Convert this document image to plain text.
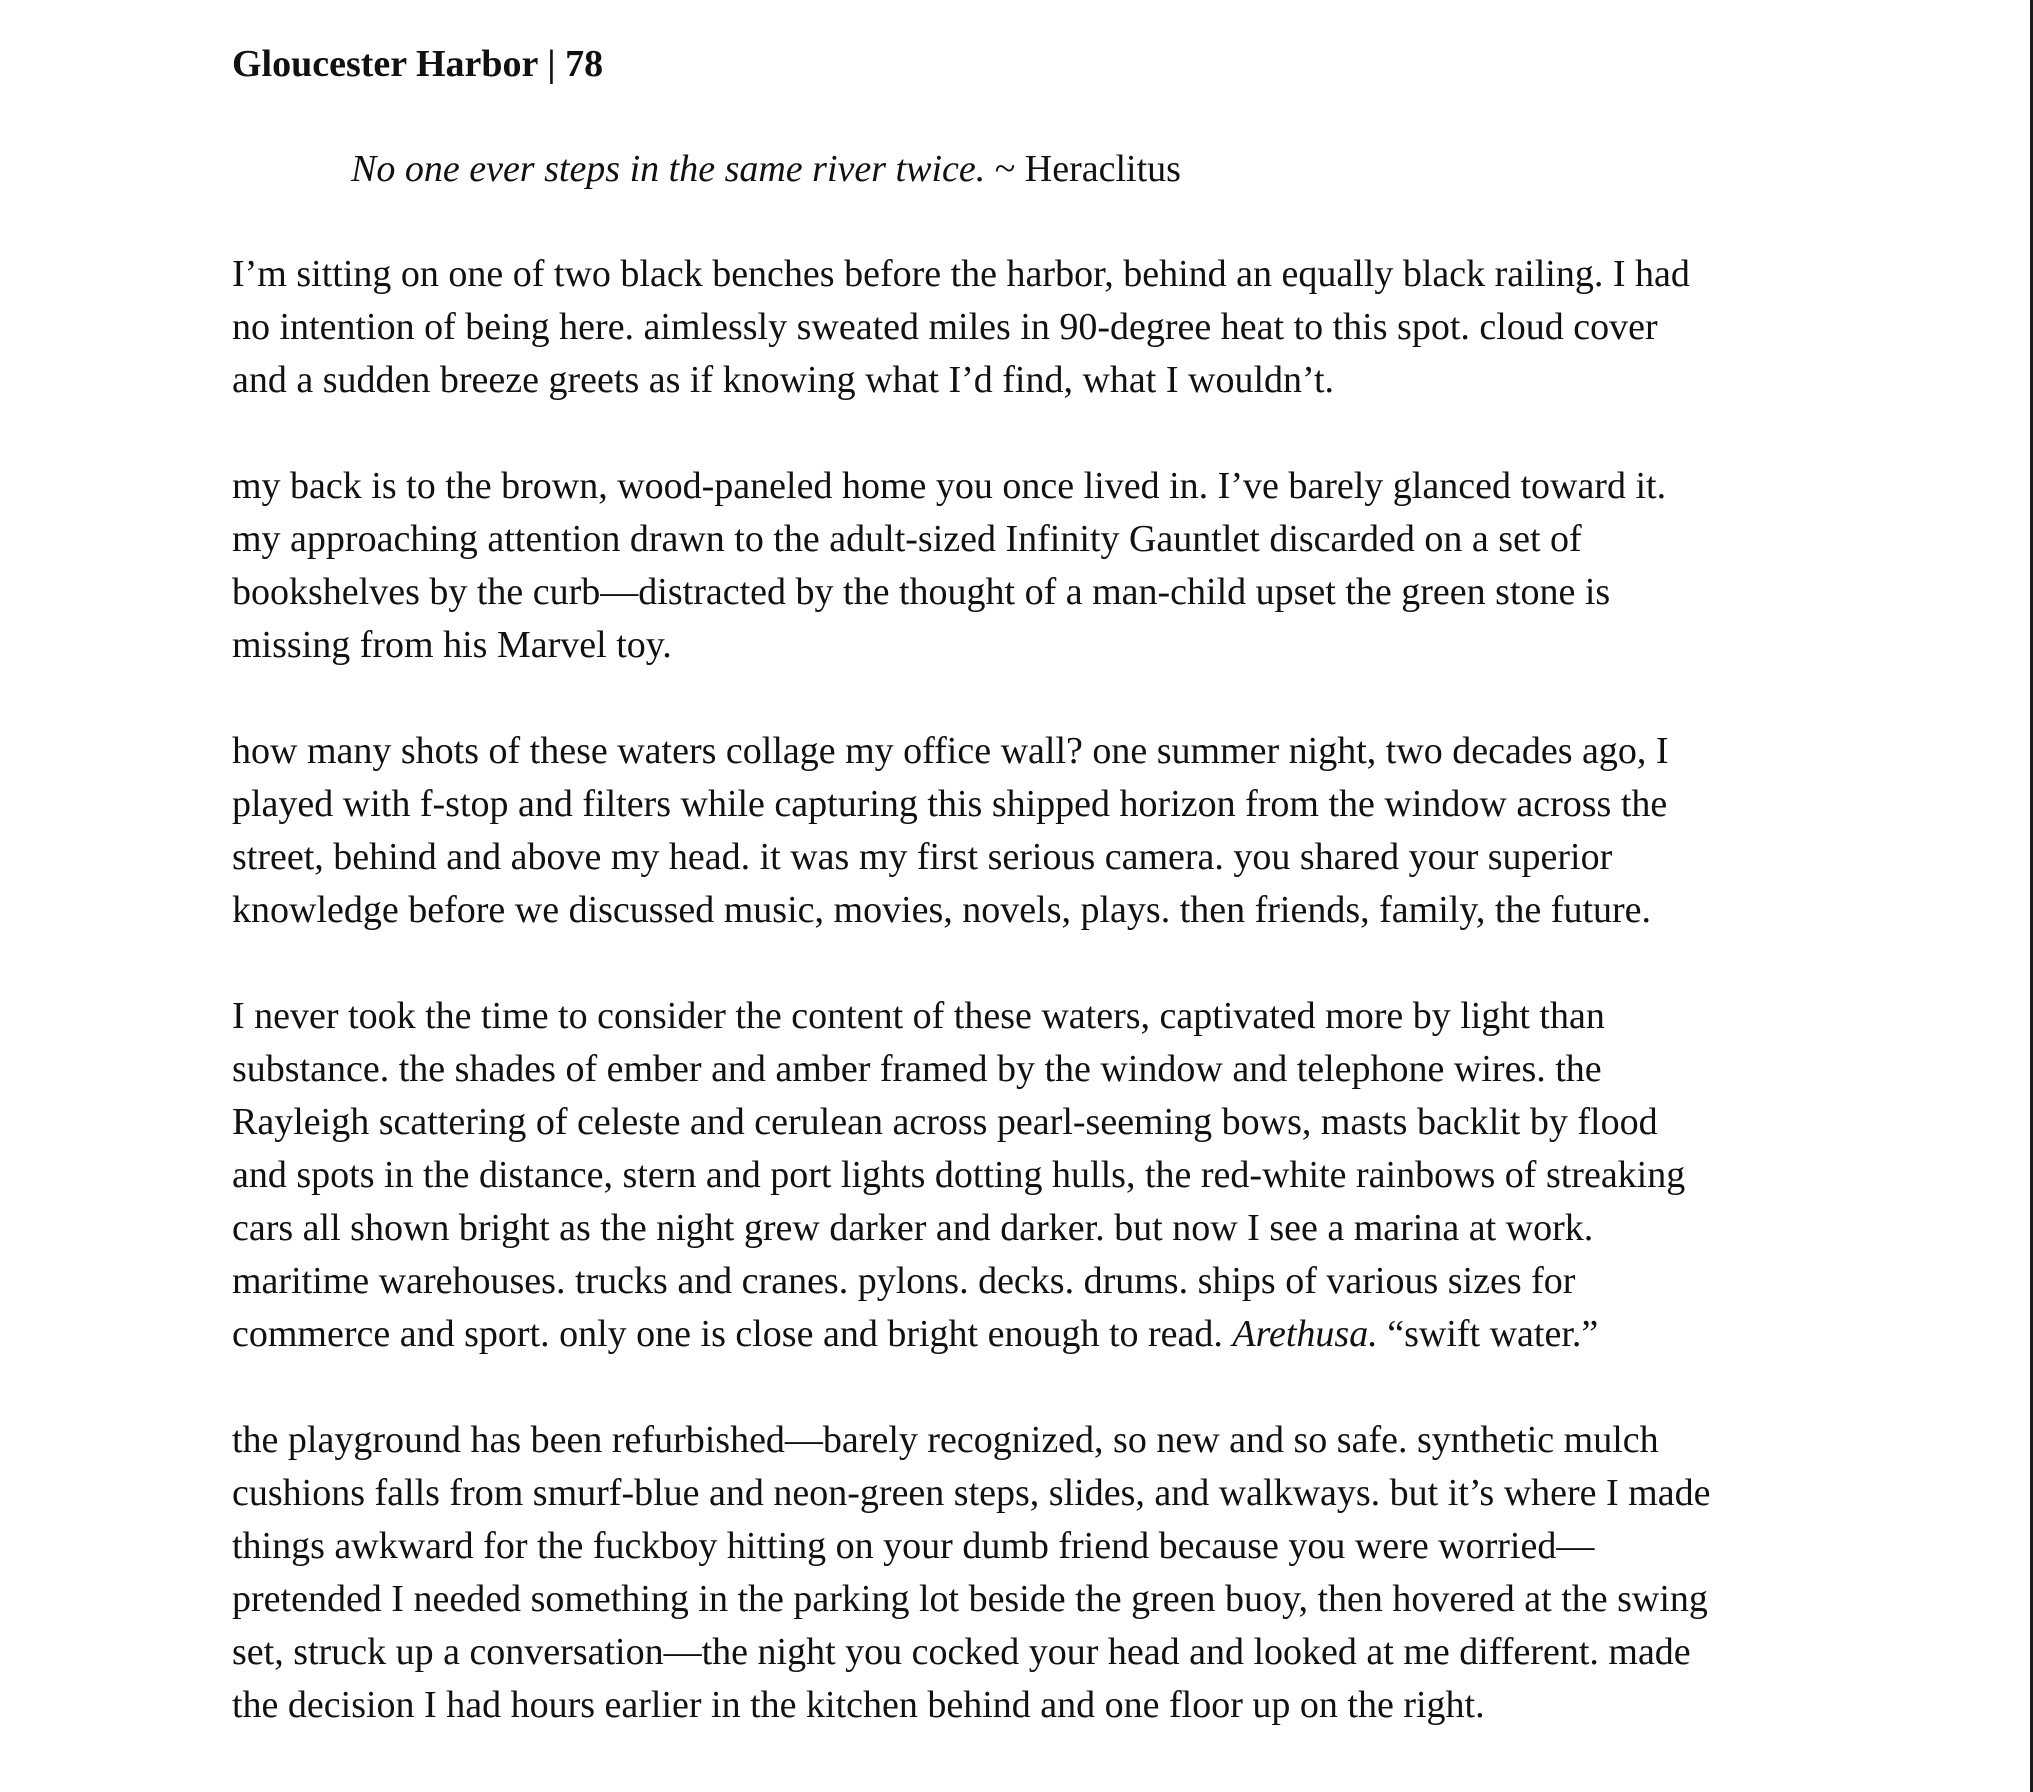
Gloucester Harbor | 78

No one ever steps in the same river twice. ~ Heraclitus

I’m sitting on one of two black benches before the harbor, behind an equally black railing. I had
no intention of being here. aimlessly sweated miles in 90-degree heat to this spot. cloud cover
and a sudden breeze greets as if knowing what I’d find, what I wouldn’t.

my back is to the brown, wood-paneled home you once lived in. I’ve barely glanced toward it.
my approaching attention drawn to the adult-sized Infinity Gauntlet discarded on a set of
bookshelves by the curb—distracted by the thought of a man-child upset the green stone is
missing from his Marvel toy.

how many shots of these waters collage my office wall? one summer night, two decades ago, I
played with f-stop and filters while capturing this shipped horizon from the window across the
street, behind and above my head. it was my first serious camera. you shared your superior
knowledge before we discussed music, movies, novels, plays. then friends, family, the future.

I never took the time to consider the content of these waters, captivated more by light than
substance. the shades of ember and amber framed by the window and telephone wires. the
Rayleigh scattering of celeste and cerulean across pearl-seeming bows, masts backlit by flood
and spots in the distance, stern and port lights dotting hulls, the red-white rainbows of streaking
cars all shown bright as the night grew darker and darker. but now I see a marina at work.
maritime warehouses. trucks and cranes. pylons. decks. drums. ships of various sizes for
commerce and sport. only one is close and bright enough to read. Arethusa. “swift water.”

the playground has been refurbished—barely recognized, so new and so safe. synthetic mulch
cushions falls from smurf-blue and neon-green steps, slides, and walkways. but it’s where I made
things awkward for the fuckboy hitting on your dumb friend because you were worried—
pretended I needed something in the parking lot beside the green buoy, then hovered at the swing
set, struck up a conversation—the night you cocked your head and looked at me different. made
the decision I had hours earlier in the kitchen behind and one floor up on the right.
